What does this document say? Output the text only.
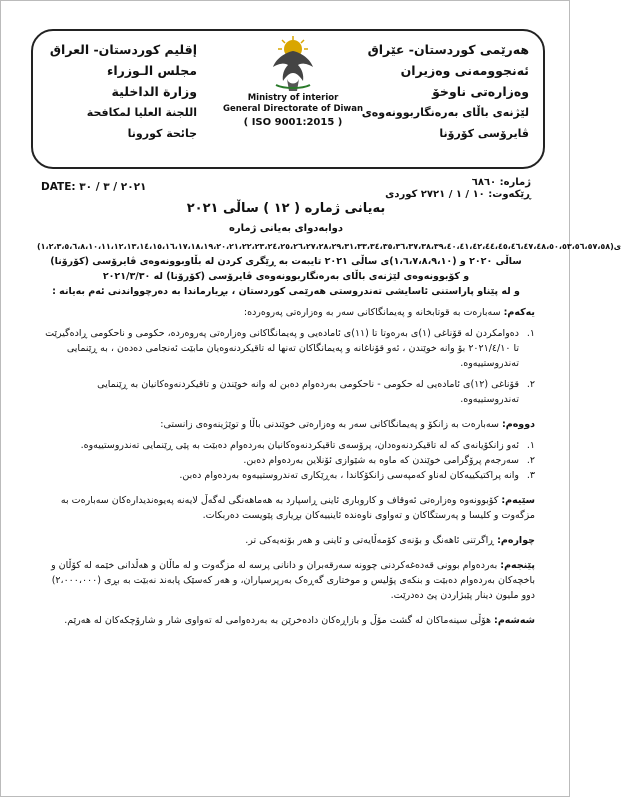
هەرێمی کوردستان- عێراق
ئەنجوومەنی وەزیران
وەزارەتی ناوخۆ
لێژنەی باڵای بەرەنگاربوونەوەی
ڤایرۆسی کۆرۆنا
Ministry of interior
General Directorate of Diwan
( ISO 9001:2015 )
إقليم كوردستان- العراق
مجلس الـوزراء
وزارة الداخلية
اللجنة العليا لمكافحة
جائحة كورونا
ژمارە: ٦٨٦٠
ڕێکەوت: ١٠ / ١ / ٢٧٢١ کوردی
DATE: ٢٠٢١ / ٣ / ٣٠
بەیانی ژمارە ( ١٢ ) ساڵی ٢٠٢١
دوابەدوای بەیانی ژمارە

(١،٢،٣،٥،٦،٨،١٠،١١،١٢،١٣،١٤،١٥،١٦،١٧،١٨،١٩،٢٠،٢١،٢٢،٢٣،٢٤،٢٥،٢٦،٢٧،٢٨،٢٩،٣١،٣٣،٣٤،٣٥،٣٦،٣٧،٣٨،٣٩،٤٠،٤١،٤٢،٤٤،٤٥،٤٦،٤٧،٤٨،٥٠،٥٣،٥٦،٥٧،٥٨)ی

ساڵی ٢٠٢٠ و (١،٦،٧،٨،٩،١٠)ی ساڵی ٢٠٢١ تایبەت بە ڕێگری کردن لە بڵاوبوونەوەی ڤایرۆسی (کۆرۆنا)

و کۆبوونەوەی لێژنەی باڵای بەرەنگاربوونەوەی ڤایرۆسی (کۆرۆنا) لە ٢٠٢١/٣/٣٠

و لە پێناو پاراستنی ئاسایشی تەندروستی هەرێمی کوردستان ، بڕیارماندا بە دەرچوواندنی ئەم بەیانە :

یەکەم: سەبارەت بە قوتابخانە و پەیمانگاکانی سەر بە وەزارەتی پەروەردە:

١.
دەوامکردن لە قۆناغی (١)ی بەرەوتا تا (١١)ی ئامادەیی و پەیمانگاکانی وەزارەتی پەروەردە، حکومی و ناحکومی ڕادەگیرێت تا ٢٠٢١/٤/١٠ بۆ وانە خوێندن ، ئەو قۆناغانە و پەیمانگاکان تەنها لە تاقیکردنەوەیان مابێت ئەنجامی دەدەن ، بە ڕێنمایی تەندروستییەوە.

٢.
قۆناغی (١٢)ی ئامادەیی لە حکومی - ناحکومی بەردەوام دەبن لە وانە خوێندن و تاقیکردنەوەکانیان بە ڕێنمایی تەندروستییەوە.

دووەم: سەبارەت بە زانکۆ و پەیمانگاکانی سەر بە وەزارەتی خوێندنی باڵا و توێژینەوەی زانستی:

١.
ئەو زانکۆیانەی کە لە تاقیکردنەوەدان، پرۆسەی تاقیکردنەوەکانیان بەردەوام دەبێت بە پێی ڕێنمایی تەندروستییەوە.

٢.
سەرجەم پرۆگرامی خوێندن کە ماوە بە شێوازی ئۆنلاین بەردەوام دەبن.

٣.
وانە پراکتیکییەکان لەناو کەمپەسی زانکۆکاندا ، بەڕێکاری تەندروستییەوە بەردەوام دەبن.

سێیەم: کۆبوونەوە وەزارەتی ئەوقاف و کاروباری ئاینی ڕاسپارد بە هەماهەنگی لەگەڵ لایەنە پەیوەندیدارەکان سەبارەت بە مزگەوت و کلیسا و پەرستگاکان و تەواوی ناوەندە ئاینییەکان بڕیاری پێویست دەربکات.

چوارەم: ڕاگرتنی ئاهەنگ و بۆنەی کۆمەڵایەتی و ئاینی و هەر بۆنەیەکی تر.

پێنجەم: بەردەوام بوونی قەدەغەکردنی چوونە سەرقەبران و دانانی پرسە لە مزگەوت و لە ماڵان و هەڵدانی خێمە لە کۆڵان و باخچەکان بەردەوام دەبێت و بنکەی پۆلیس و موختاری گەڕەک بەرپرسیاران، و هەر کەسێک پابەند نەبێت بە بڕی (٢،٠٠٠،٠٠٠) دوو ملیون دینار پێبژاردن پێ دەدرێت.

شەشەم: هۆڵی سینەماکان لە گشت مۆڵ و بازاڕەکان دادەخرێن بە بەردەوامی لە تەواوی شار و شارۆچکەکان لە هەرێم.
